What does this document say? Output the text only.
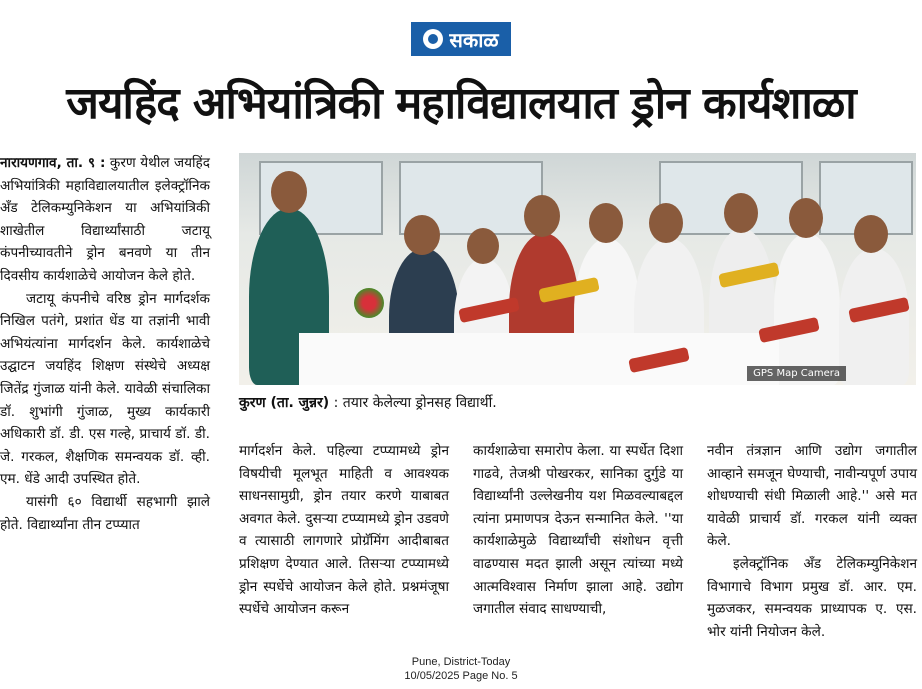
सकाळ
जयहिंद अभियांत्रिकी महाविद्यालयात ड्रोन कार्यशाळा

नारायणगाव, ता. ९ : कुरण येथील जयहिंद अभियांत्रिकी महाविद्यालयातील इलेक्ट्रॉनिक अँड टेलिकम्युनिकेशन या अभियांत्रिकी शाखेतील विद्यार्थ्यांसाठी जटायू कंपनीच्यावतीने ड्रोन बनवणे या तीन दिवसीय कार्यशाळेचे आयोजन केले होते.

जटायू कंपनीचे वरिष्ठ ड्रोन मार्गदर्शक निखिल पतंगे, प्रशांत धेंड या तज्ञांनी भावी अभियंत्यांना मार्गदर्शन केले. कार्यशाळेचे उद्घाटन जयहिंद शिक्षण संस्थेचे अध्यक्ष जितेंद्र गुंजाळ यांनी केले. यावेळी संचालिका डॉ. शुभांगी गुंजाळ, मुख्य कार्यकारी अधिकारी डॉ. डी. एस गल्हे, प्राचार्य डॉ. डी. जे. गरकल, शैक्षणिक समन्वयक डॉ. व्ही. एम. धेंडे आदी उपस्थित होते.

यासंगी ६० विद्यार्थी सहभागी झाले होते. विद्यार्थ्यांना तीन टप्प्यात

GPS Map Camera
कुरण (ता. जुन्नर) : तयार केलेल्या ड्रोनसह विद्यार्थी.

मार्गदर्शन केले. पहिल्या टप्प्यामध्ये ड्रोन विषयीची मूलभूत माहिती व आवश्यक साधनसामुग्री, ड्रोन तयार करणे याबाबत अवगत केले. दुसऱ्या टप्प्यामध्ये ड्रोन उडवणे व त्यासाठी लागणारे प्रोग्रॅमिंग आदीबाबत प्रशिक्षण देण्यात आले. तिसऱ्या टप्प्यामध्ये ड्रोन स्पर्धेचे आयोजन केले होते. प्रश्नमंजूषा स्पर्धेचे आयोजन करून

कार्यशाळेचा समारोप केला. या स्पर्धेत दिशा गाढवे, तेजश्री पोखरकर, सानिका दुर्गुडे या विद्यार्थ्यांनी उल्लेखनीय यश मिळवल्याबद्दल त्यांना प्रमाणपत्र देऊन सन्मानित केले. ''या कार्यशाळेमुळे विद्यार्थ्यांची संशोधन वृत्ती वाढण्यास मदत झाली असून त्यांच्या मध्ये आत्मविश्वास निर्माण झाला आहे. उद्योग जगातील संवाद साधण्याची,

नवीन तंत्रज्ञान आणि उद्योग जगातील आव्हाने समजून घेण्याची, नावीन्यपूर्ण उपाय शोधण्याची संधी मिळाली आहे.'' असे मत यावेळी प्राचार्य डॉ. गरकल यांनी व्यक्त केले.

इलेक्ट्रॉनिक अँड टेलिकम्युनिकेशन विभागाचे विभाग प्रमुख डॉ. आर. एम. मुळजकर, समन्वयक प्राध्यापक ए. एस. भोर यांनी नियोजन केले.

Pune, District-Today
10/05/2025 Page No. 5
